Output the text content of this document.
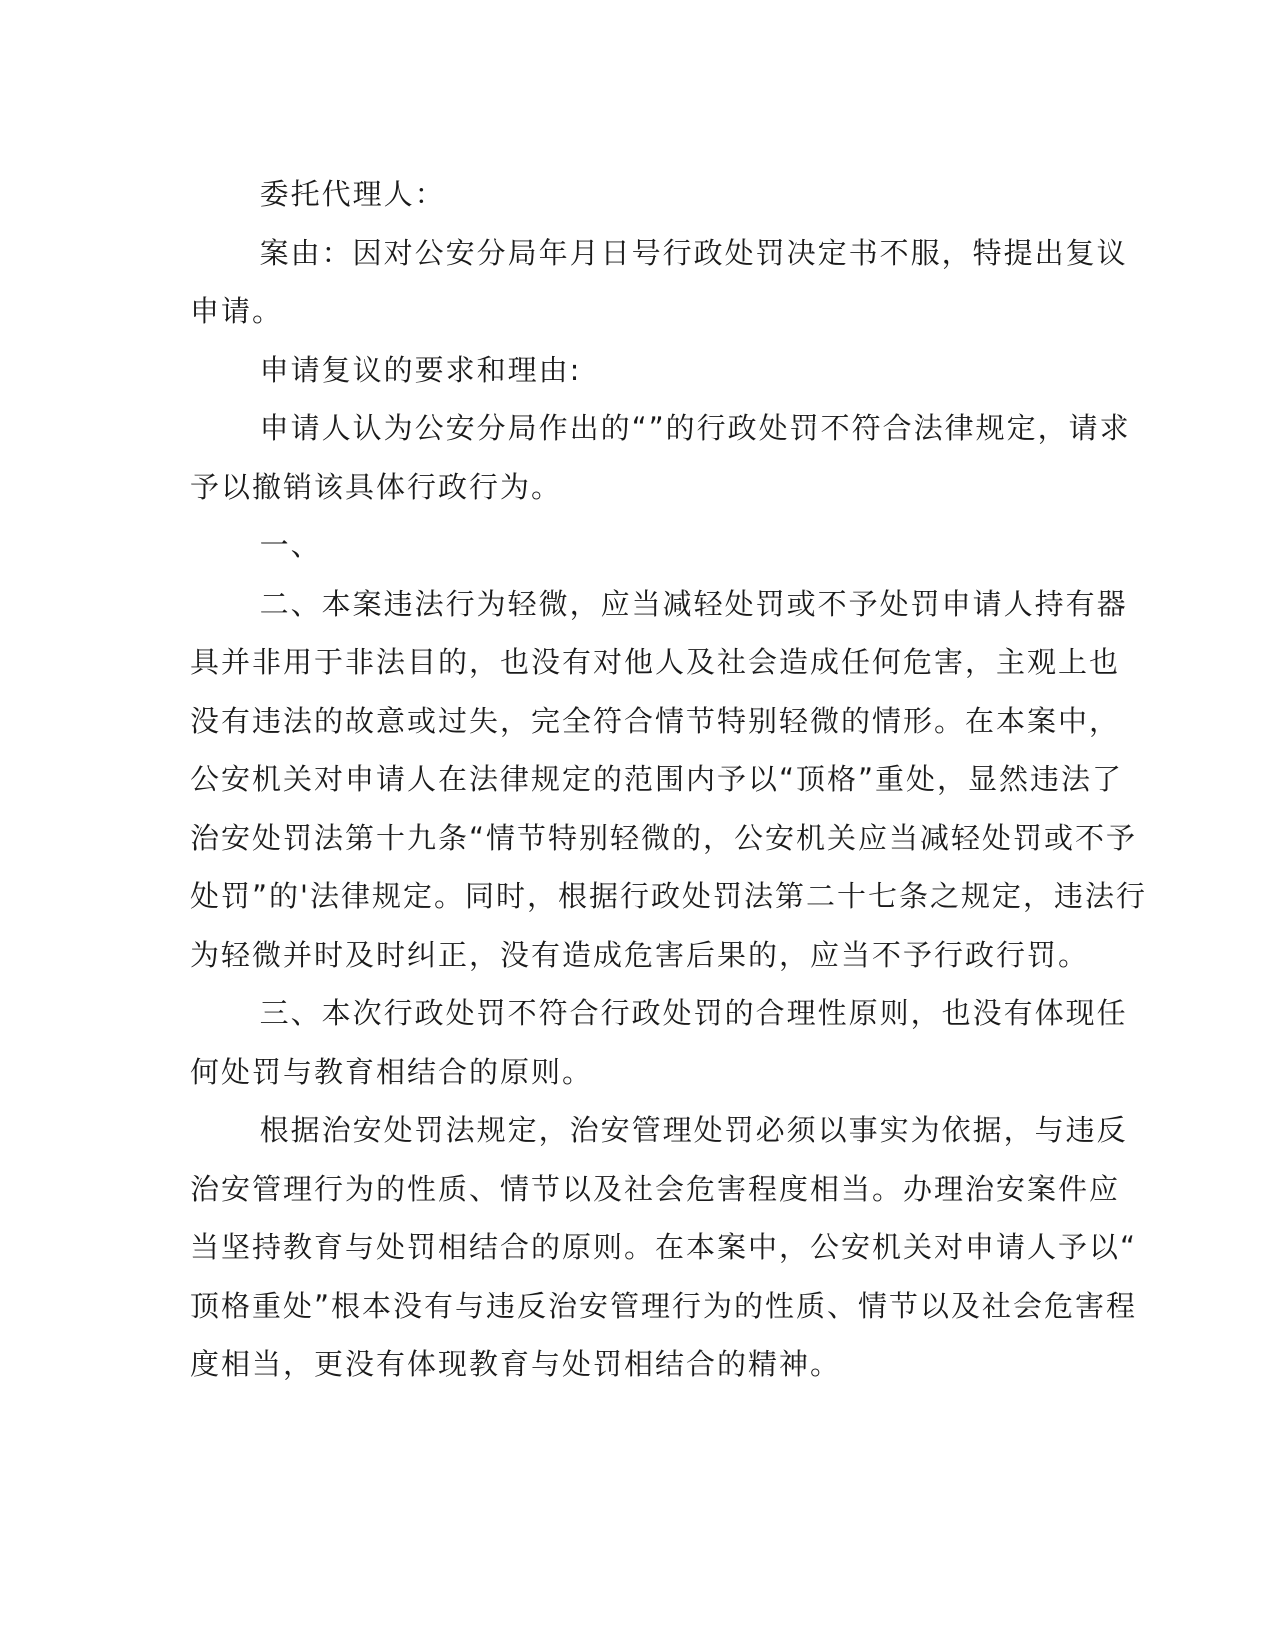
委托代理人：

案由：因对公安分局年月日号行政处罚决定书不服，特提出复议
申请。

申请复议的要求和理由:

申请人认为公安分局作出的“”的行政处罚不符合法律规定，请求
予以撤销该具体行政行为。

一、

二、本案违法行为轻微，应当减轻处罚或不予处罚申请人持有器
具并非用于非法目的，也没有对他人及社会造成任何危害，主观上也
没有违法的故意或过失，完全符合情节特别轻微的情形。在本案中，
公安机关对申请人在法律规定的范围内予以“顶格”重处，显然违法了
治安处罚法第十九条“情节特别轻微的，公安机关应当减轻处罚或不予
处罚”的'法律规定。同时，根据行政处罚法第二十七条之规定，违法行
为轻微并时及时纠正，没有造成危害后果的，应当不予行政行罚。

三、本次行政处罚不符合行政处罚的合理性原则，也没有体现任
何处罚与教育相结合的原则。

根据治安处罚法规定，治安管理处罚必须以事实为依据，与违反
治安管理行为的性质、情节以及社会危害程度相当。办理治安案件应
当坚持教育与处罚相结合的原则。在本案中，公安机关对申请人予以“
顶格重处”根本没有与违反治安管理行为的性质、情节以及社会危害程
度相当，更没有体现教育与处罚相结合的精神。
